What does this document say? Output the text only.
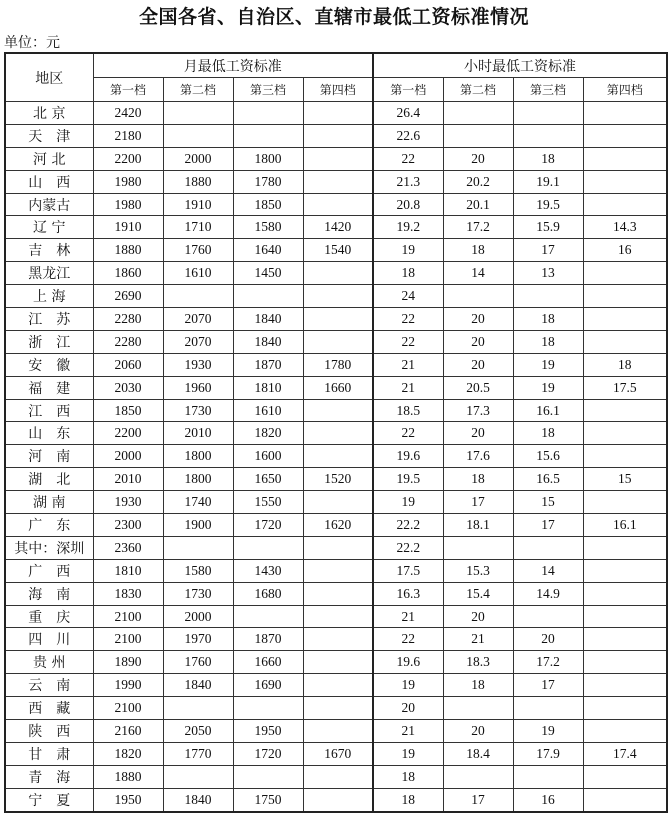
全国各省、自治区、直辖市最低工资标准情况
单位：元
地区	月最低工资标准				小时最低工资标准			
	第一档	第二档	第三档	第四档	第一档	第二档	第三档	第四档
北 京	2420				26.4			
天　津	2180				22.6			
河 北	2200	2000	1800		22	20	18	
山　西	1980	1880	1780		21.3	20.2	19.1	
内蒙古	1980	1910	1850		20.8	20.1	19.5	
辽 宁	1910	1710	1580	1420	19.2	17.2	15.9	14.3
吉　林	1880	1760	1640	1540	19	18	17	16
黑龙江	1860	1610	1450		18	14	13	
上 海	2690				24			
江　苏	2280	2070	1840		22	20	18	
浙　江	2280	2070	1840		22	20	18	
安　徽	2060	1930	1870	1780	21	20	19	18
福　建	2030	1960	1810	1660	21	20.5	19	17.5
江　西	1850	1730	1610		18.5	17.3	16.1	
山　东	2200	2010	1820		22	20	18	
河　南	2000	1800	1600		19.6	17.6	15.6	
湖　北	2010	1800	1650	1520	19.5	18	16.5	15
湖 南	1930	1740	1550		19	17	15	
广　东	2300	1900	1720	1620	22.2	18.1	17	16.1
其中：深圳	2360				22.2			
广　西	1810	1580	1430		17.5	15.3	14	
海　南	1830	1730	1680		16.3	15.4	14.9	
重　庆	2100	2000			21	20		
四　川	2100	1970	1870		22	21	20	
贵 州	1890	1760	1660		19.6	18.3	17.2	
云　南	1990	1840	1690		19	18	17	
西　藏	2100				20			
陕　西	2160	2050	1950		21	20	19	
甘　肃	1820	1770	1720	1670	19	18.4	17.9	17.4
青　海	1880				18			
宁　夏	1950	1840	1750		18	17	16	
